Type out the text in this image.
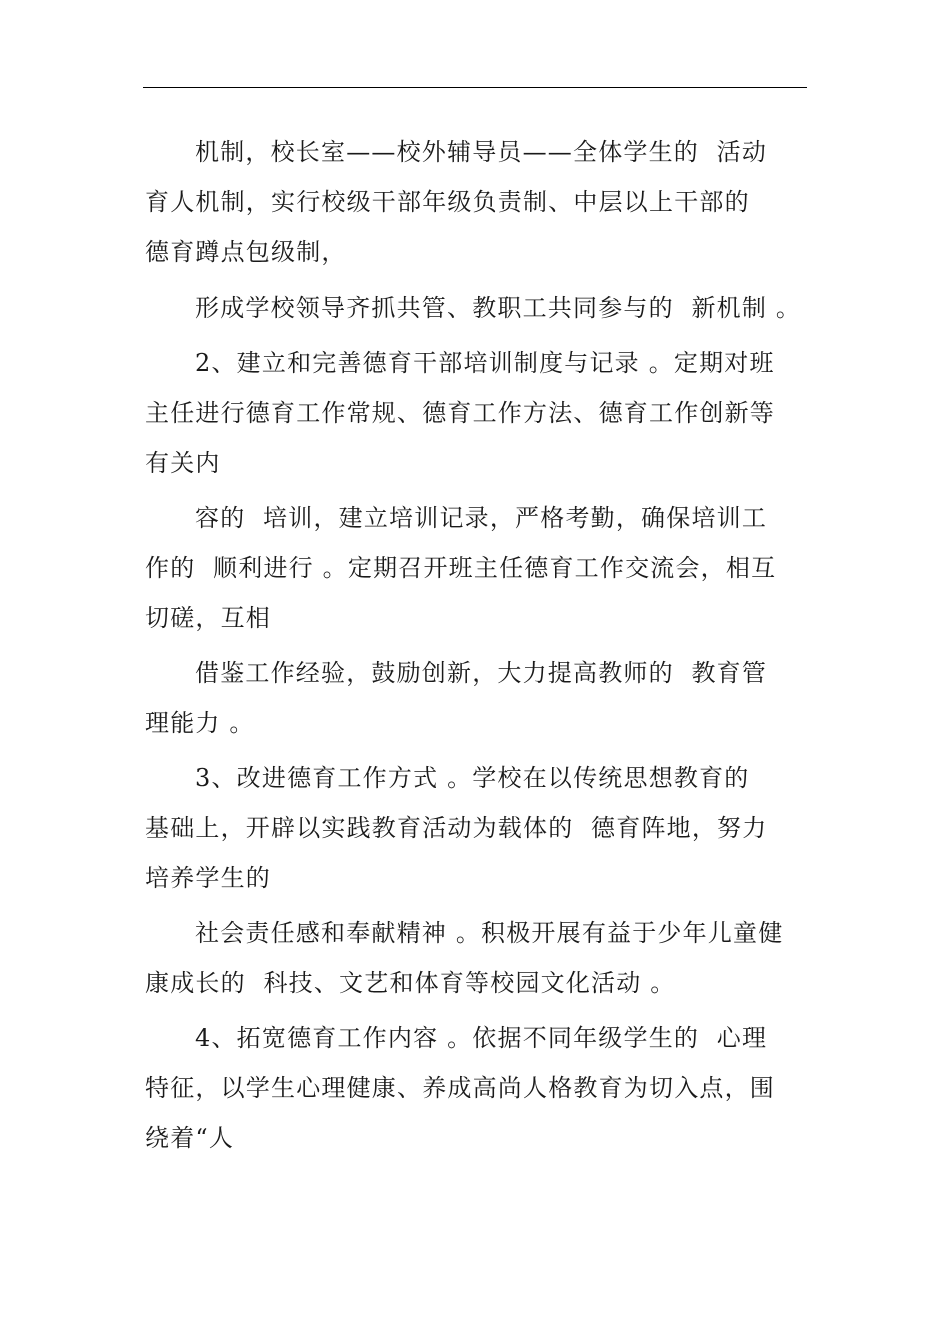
机制，校长室——校外辅导员——全体学生的  活动
育人机制，实行校级干部年级负责制、中层以上干部的
德育蹲点包级制，
形成学校领导齐抓共管、教职工共同参与的  新机制 。
2、建立和完善德育干部培训制度与记录 。定期对班
主任进行德育工作常规、德育工作方法、德育工作创新等
有关内
容的  培训，建立培训记录，严格考勤，确保培训工
作的  顺利进行 。定期召开班主任德育工作交流会，相互
切磋，互相
借鉴工作经验，鼓励创新，大力提高教师的  教育管
理能力 。
3、改进德育工作方式 。学校在以传统思想教育的
基础上，开辟以实践教育活动为载体的  德育阵地，努力
培养学生的
社会责任感和奉献精神 。积极开展有益于少年儿童健
康成长的  科技、文艺和体育等校园文化活动 。
4、拓宽德育工作内容 。依据不同年级学生的  心理
特征，以学生心理健康、养成高尚人格教育为切入点，围
绕着“人
